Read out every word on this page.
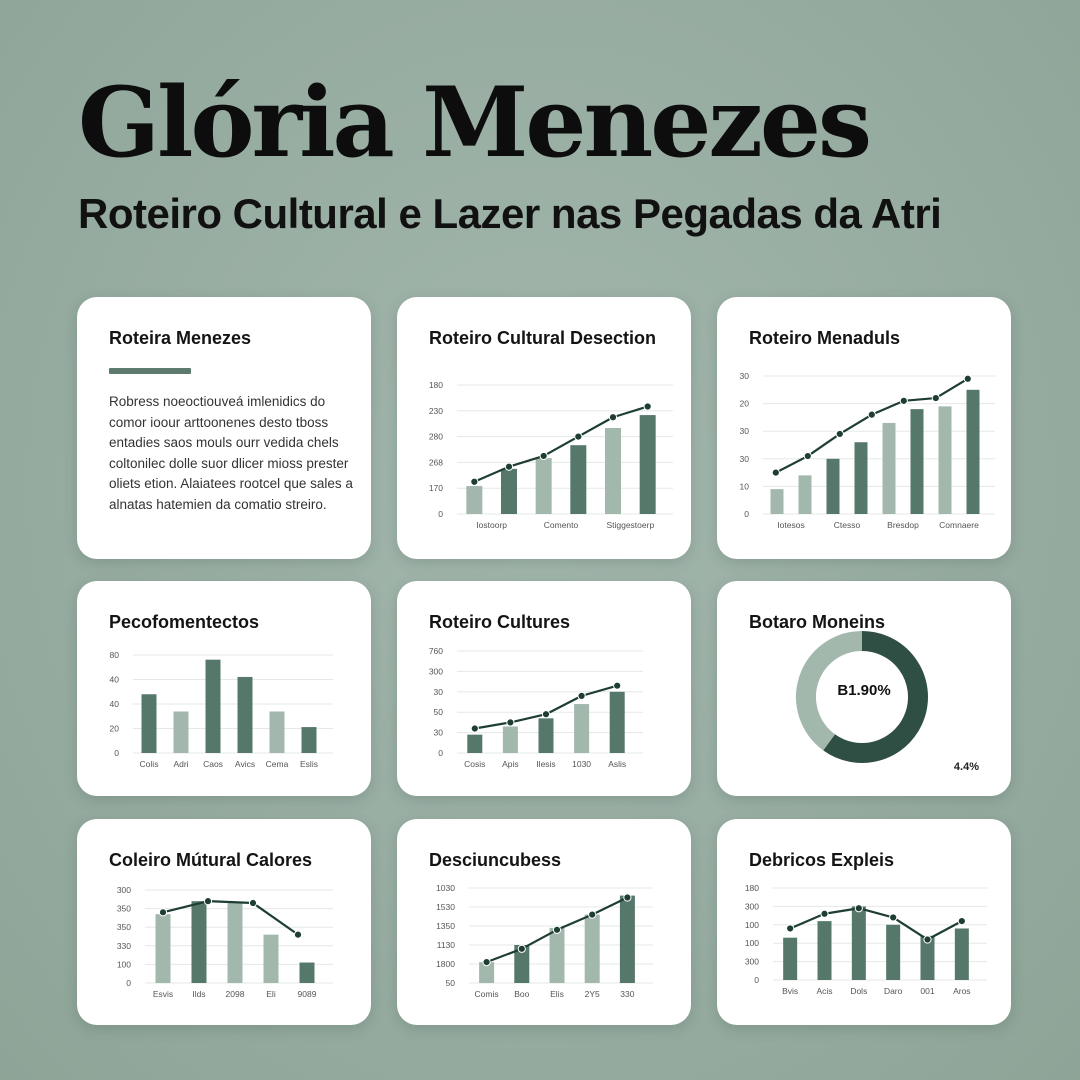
Glória Menezes
Roteiro Cultural e Lazer nas Pegadas da Atri
Roteira Menezes

Robress noeoctiouveá imlenidics do comor ioour arttoonenes desto tboss entadies saos mouls ourr vedida chels coltonilec dolle suor dlicer mioss prester oliets etion. Alaiatees rootcel que sales a alnatas hatemien da comatio streiro.

Roteiro Cultural Desection
0
170
268
280
230
180
Iostoorp	Comento	Stiggestoerp
Roteiro Menaduls
0
10
30
30
20
30
Iotesos	Ctesso	Bresdop Comnaere
Pecofomentectos
0
20
40
40
80
Colis Adri Caos Avics Cema Eslis
Roteiro Cultures
0
30
50
30
300
760
Cosis Apis Ilesis 1030 Aslis
Botaro Moneins
B1.90%
4.4%
Coleiro Mútural Calores
0
100
330
350
350
300
Esvis Ilds 2098	Eli	9089
Desciuncubess
50
1800
1130
1350
1530
1030
Comis Boo Elis 2Y5 330
Debricos Expleis
0
300
100
100
300
180
Bvis Acis Dols Daro 001 Aros
